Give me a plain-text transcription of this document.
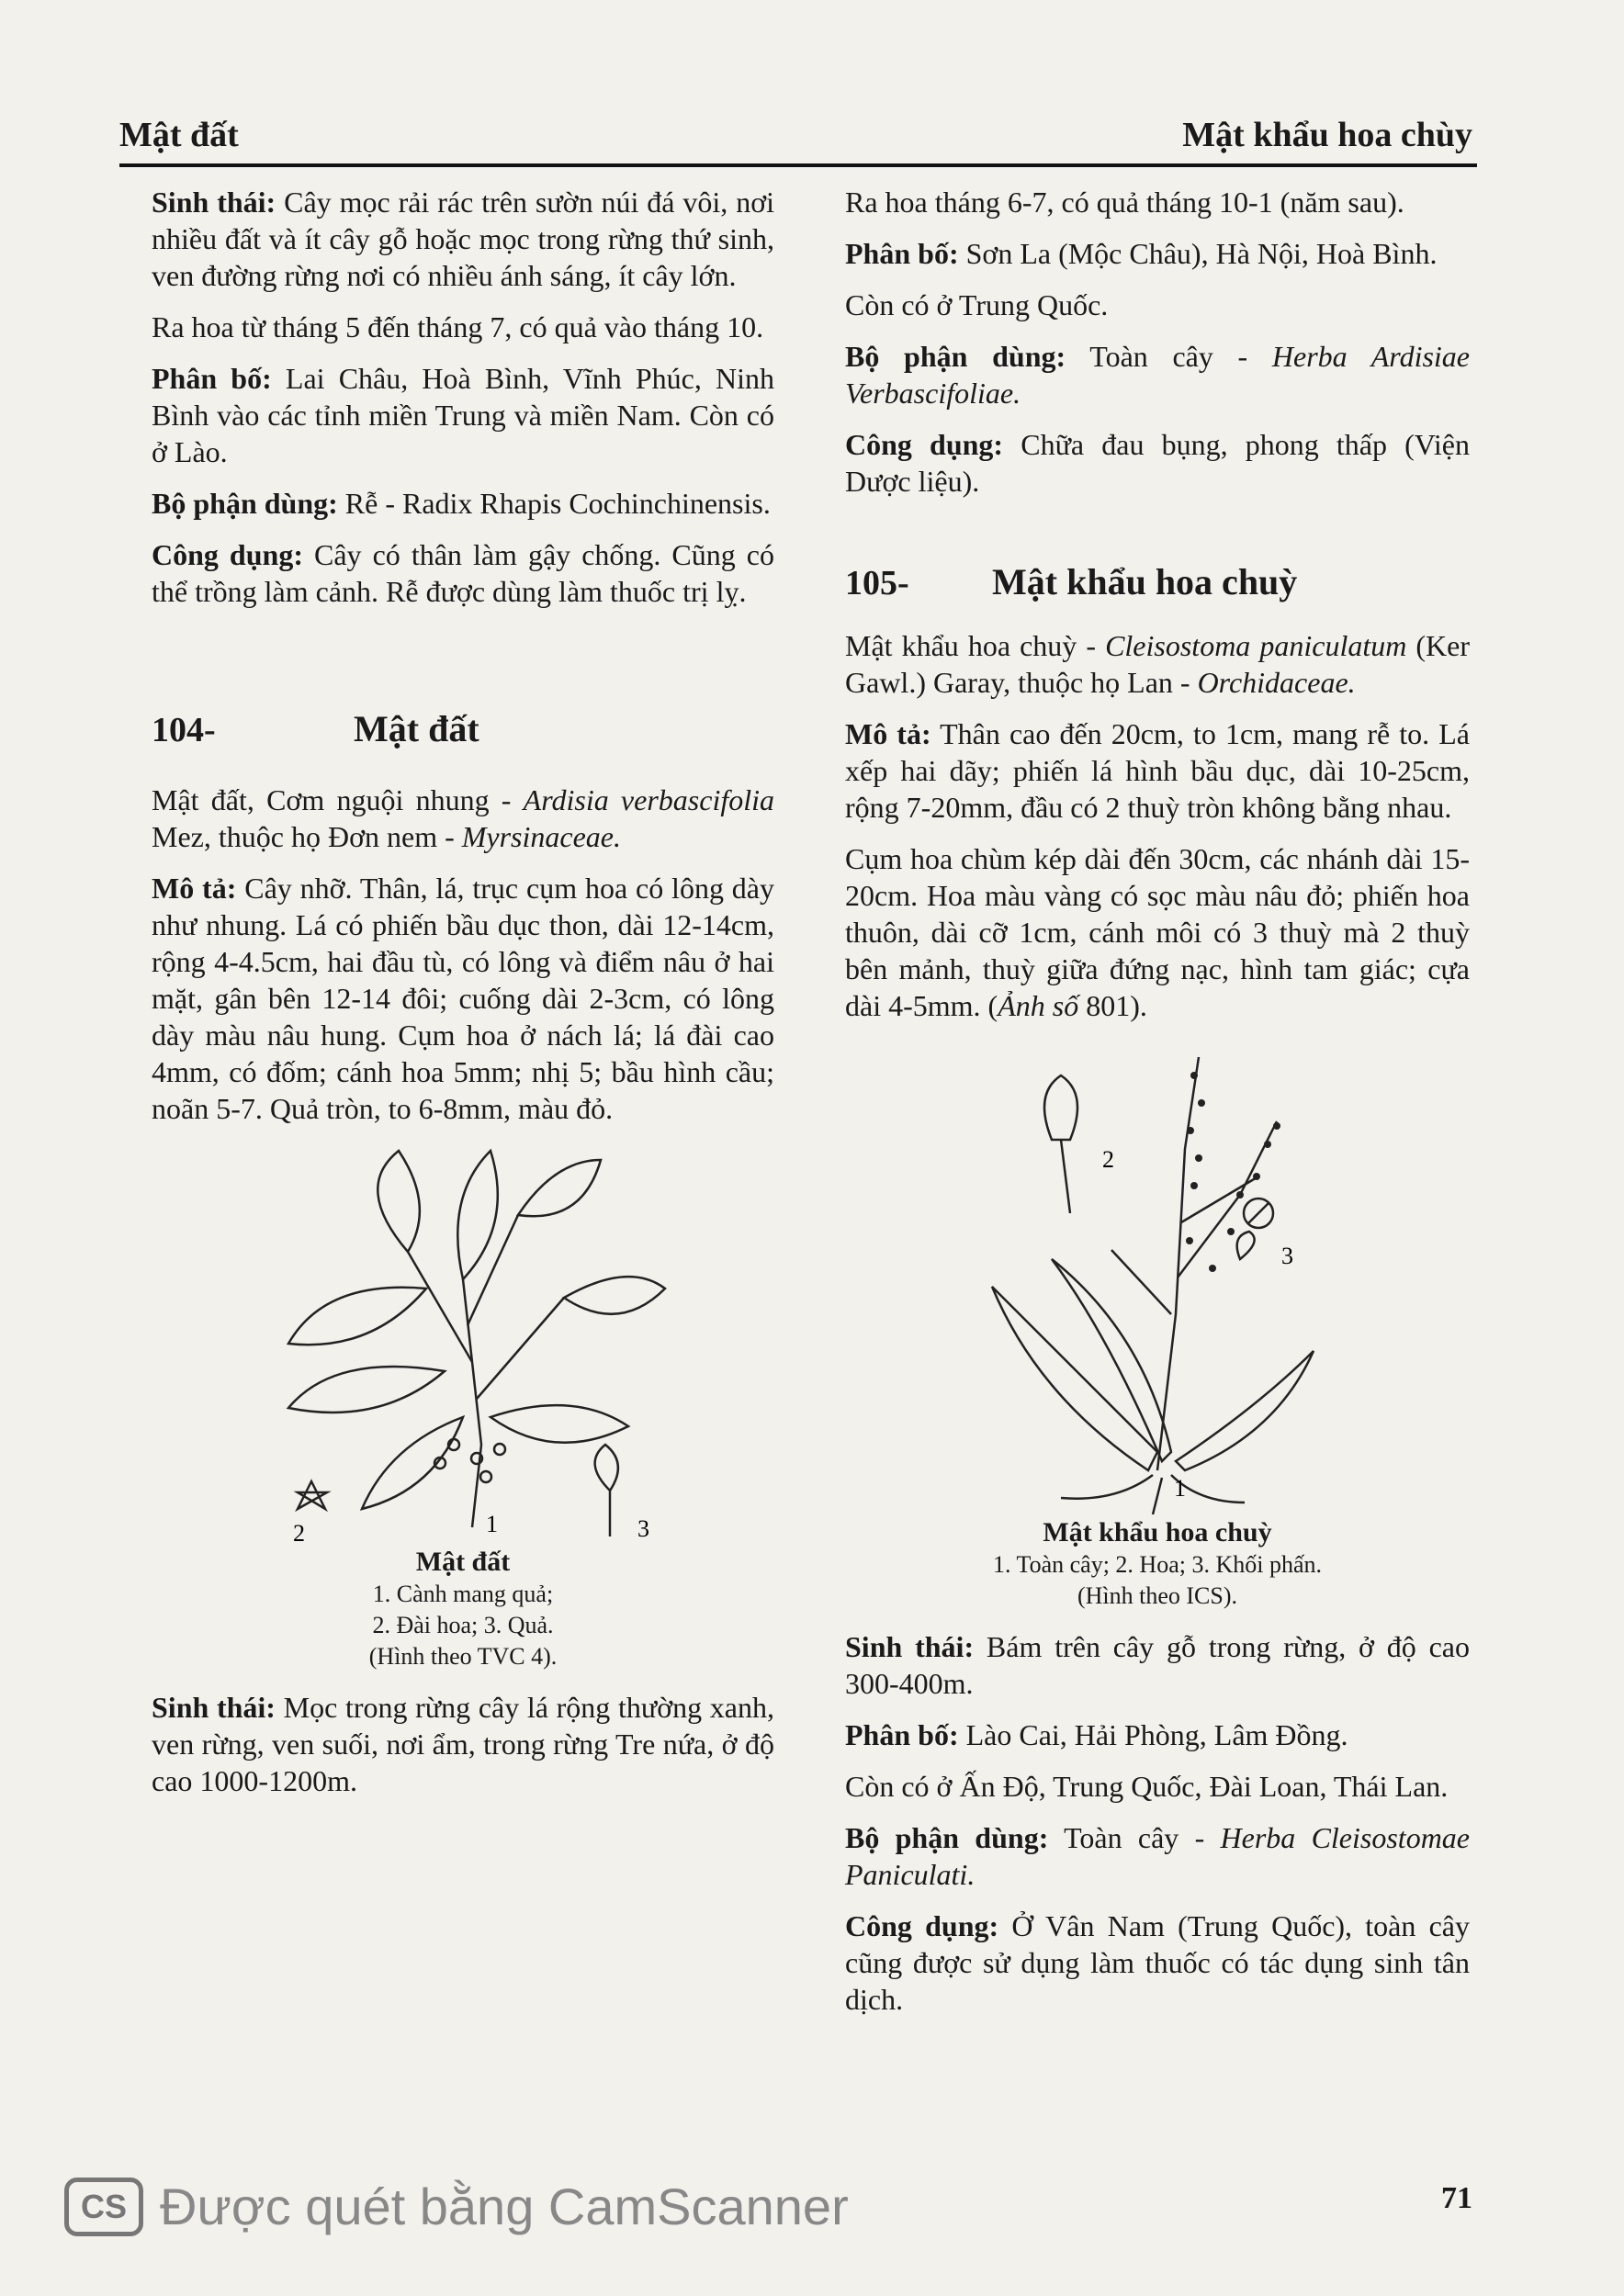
Mật đất	Mật khẩu hoa chùy

Sinh thái: Cây mọc rải rác trên sườn núi đá vôi, nơi nhiều đất và ít cây gỗ hoặc mọc trong rừng thứ sinh, ven đường rừng nơi có nhiều ánh sáng, ít cây lớn.

Ra hoa từ tháng 5 đến tháng 7, có quả vào tháng 10.

Phân bố: Lai Châu, Hoà Bình, Vĩnh Phúc, Ninh Bình vào các tỉnh miền Trung và miền Nam. Còn có ở Lào.

Bộ phận dùng: Rễ - Radix Rhapis Cochinchinensis.

Công dụng: Cây có thân làm gậy chống. Cũng có thể trồng làm cảnh. Rễ được dùng làm thuốc trị lỵ.

104-	Mật đất

Mật đất, Cơm nguội nhung - Ardisia verbascifolia Mez, thuộc họ Đơn nem - Myrsinaceae.

Mô tả: Cây nhỡ. Thân, lá, trục cụm hoa có lông dày như nhung. Lá có phiến bầu dục thon, dài 12-14cm, rộng 4-4.5cm, hai đầu tù, có lông và điểm nâu ở hai mặt, gân bên 12-14 đôi; cuống dài 2-3cm, có lông dày màu nâu hung. Cụm hoa ở nách lá; lá đài cao 4mm, có đốm; cánh hoa 5mm; nhị 5; bầu hình cầu; noãn 5-7. Quả tròn, to 6-8mm, màu đỏ.

1
2	3
Mật đất
1. Cành mang quả;
2. Đài hoa; 3. Quả.
(Hình theo TVC 4).

Sinh thái: Mọc trong rừng cây lá rộng thường xanh, ven rừng, ven suối, nơi ẩm, trong rừng Tre nứa, ở độ cao 1000-1200m.

Ra hoa tháng 6-7, có quả tháng 10-1 (năm sau).

Phân bố: Sơn La (Mộc Châu), Hà Nội, Hoà Bình.

Còn có ở Trung Quốc.

Bộ phận dùng: Toàn cây - Herba Ardisiae Verbascifoliae.

Công dụng: Chữa đau bụng, phong thấp (Viện Dược liệu).

105-	Mật khẩu hoa chuỳ

Mật khẩu hoa chuỳ - Cleisostoma paniculatum (Ker Gawl.) Garay, thuộc họ Lan - Orchidaceae.

Mô tả: Thân cao đến 20cm, to 1cm, mang rễ to. Lá xếp hai dãy; phiến lá hình bầu dục, dài 10-25cm, rộng 7-20mm, đầu có 2 thuỳ tròn không bằng nhau.

Cụm hoa chùm kép dài đến 30cm, các nhánh dài 15-20cm. Hoa màu vàng có sọc màu nâu đỏ; phiến hoa thuôn, dài cỡ 1cm, cánh môi có 3 thuỳ mà 2 thuỳ bên mảnh, thuỳ giữa đứng nạc, hình tam giác; cựa dài 4-5mm. (Ảnh số 801).

1
2
3
Mật khẩu hoa chuỳ
1. Toàn cây; 2. Hoa; 3. Khối phấn.
(Hình theo ICS).

Sinh thái: Bám trên cây gỗ trong rừng, ở độ cao 300-400m.

Phân bố: Lào Cai, Hải Phòng, Lâm Đồng.

Còn có ở Ấn Độ, Trung Quốc, Đài Loan, Thái Lan.

Bộ phận dùng: Toàn cây - Herba Cleisostomae Paniculati.

Công dụng: Ở Vân Nam (Trung Quốc), toàn cây cũng được sử dụng làm thuốc có tác dụng sinh tân dịch.

CS Được quét bằng CamScanner	71
